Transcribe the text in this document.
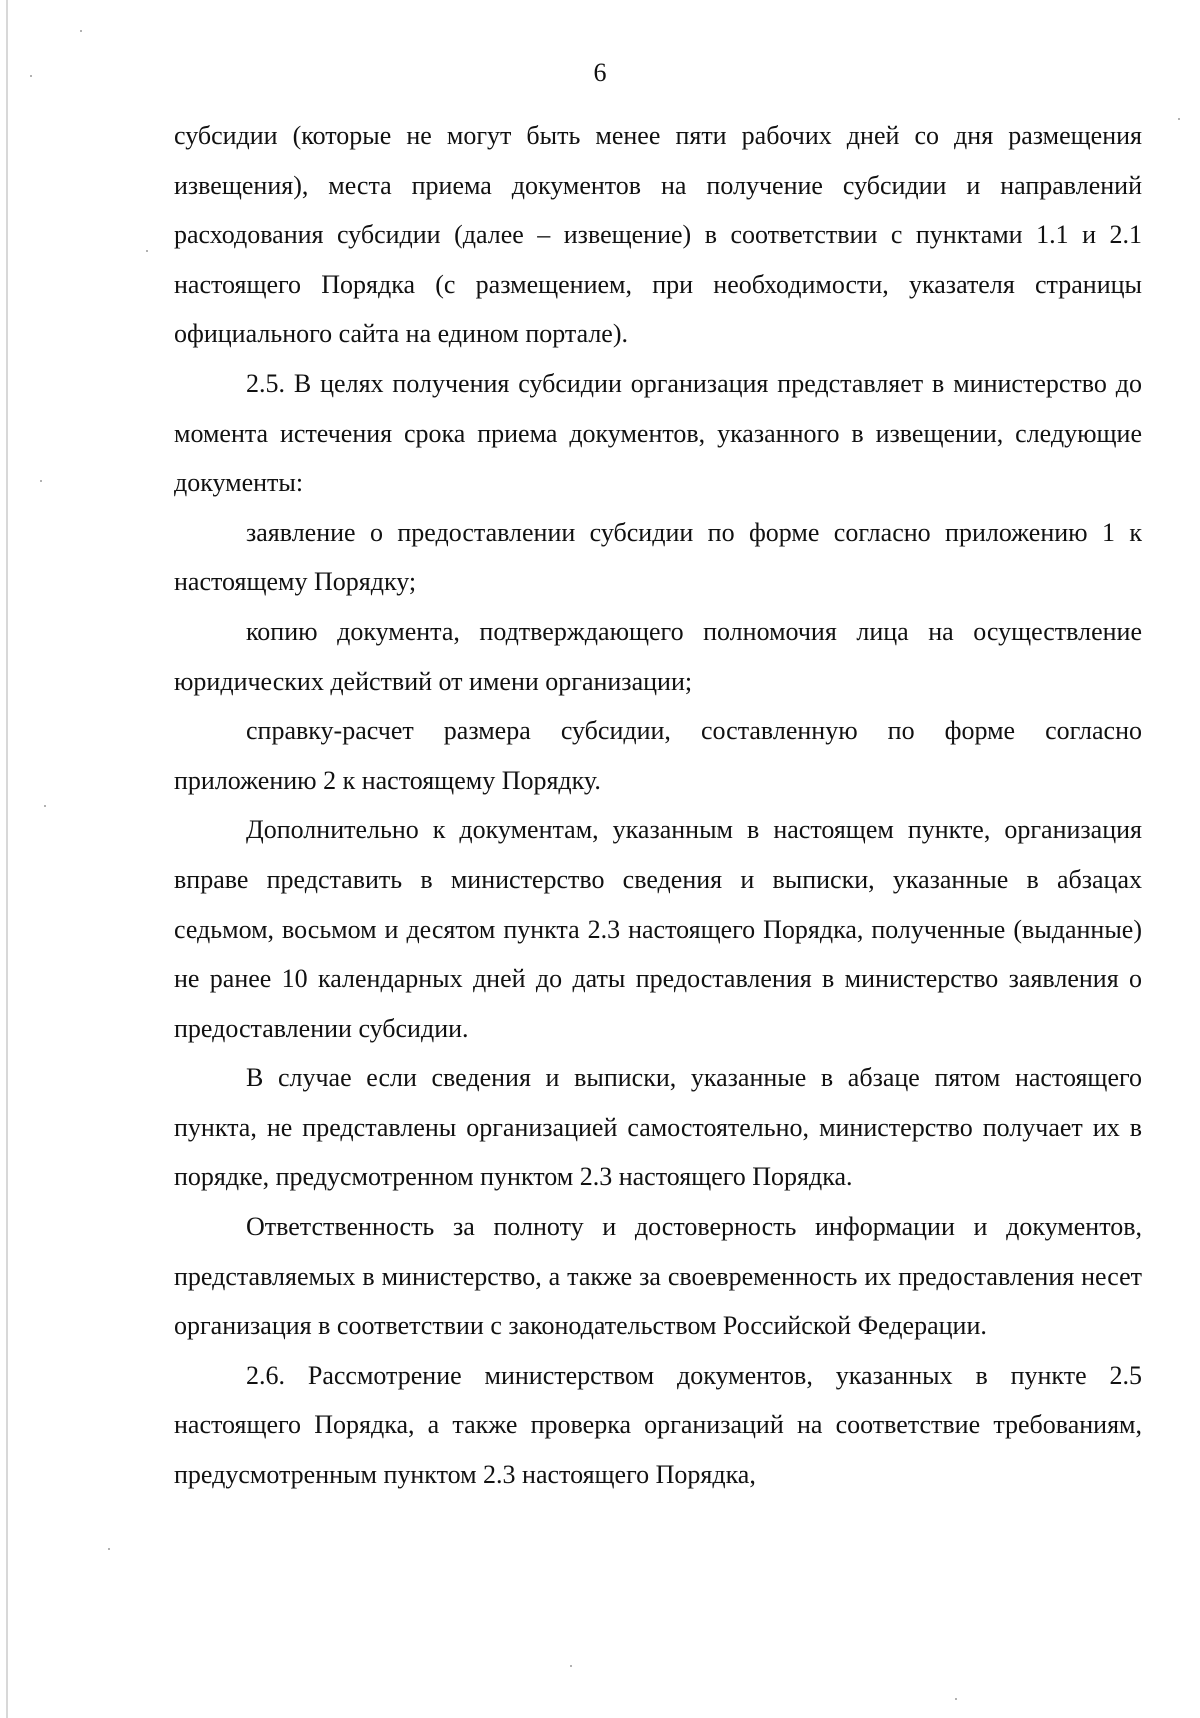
6

субсидии (которые не могут быть менее пяти рабочих дней со дня размещения извещения), места приема документов на получение субсидии и направлений расходования субсидии (далее – извещение) в соответствии с пунктами 1.1 и 2.1 настоящего Порядка (с размещением, при необходимости, указателя страницы официального сайта на едином портале).

2.5. В целях получения субсидии организация представляет в министерство до момента истечения срока приема документов, указанного в извещении, следующие документы:

заявление о предоставлении субсидии по форме согласно приложению 1 к настоящему Порядку;

копию документа, подтверждающего полномочия лица на осуществление юридических действий от имени организации;

справку-расчет размера субсидии, составленную по форме согласно приложению 2 к настоящему Порядку.

Дополнительно к документам, указанным в настоящем пункте, организация вправе представить в министерство сведения и выписки, указанные в абзацах седьмом, восьмом и десятом пункта 2.3 настоящего Порядка, полученные (выданные) не ранее 10 календарных дней до даты предоставления в министерство заявления о предоставлении субсидии.

В случае если сведения и выписки, указанные в абзаце пятом настоящего пункта, не представлены организацией самостоятельно, министерство получает их в порядке, предусмотренном пунктом 2.3 настоящего Порядка.

Ответственность за полноту и достоверность информации и документов, представляемых в министерство, а также за своевременность их предоставления несет организация в соответствии с законодательством Российской Федерации.

2.6. Рассмотрение министерством документов, указанных в пункте 2.5 настоящего Порядка, а также проверка организаций на соответствие требованиям, предусмотренным пунктом 2.3 настоящего Порядка,
